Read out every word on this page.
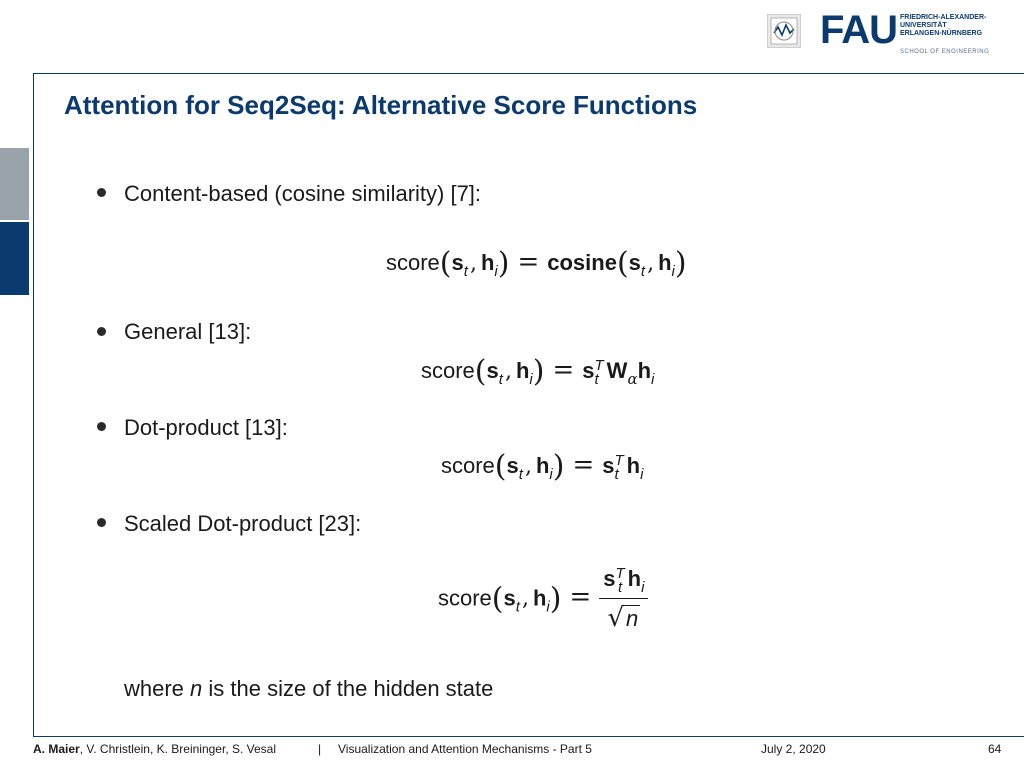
FAU FRIEDRICH-ALEXANDER-
UNIVERSITÄT
ERLANGEN-NÜRNBERG
SCHOOL OF ENGINEERING
Attention for Seq2Seq: Alternative Score Functions
Content-based (cosine similarity) [7]:
$score(s_t$, $h_i) = cosine(s_t$, $h_i$)
General [13]:
$score(s_t$, $h_i) = s$ T
t $W_\alpha h_i$
Dot-product [13]:
$score(s_t$, $h_i) = s$ T
t $h_i$
Scaled Dot-product [23]:
$score(s_t$, $h_i) = s$ T
t $h_i$
√n
where n is the size of the hidden state
A. Maier, V. Christlein, K. Breininger, S. Vesal	| Visualization and Attention Mechanisms - Part 5	July 2, 2020	64
